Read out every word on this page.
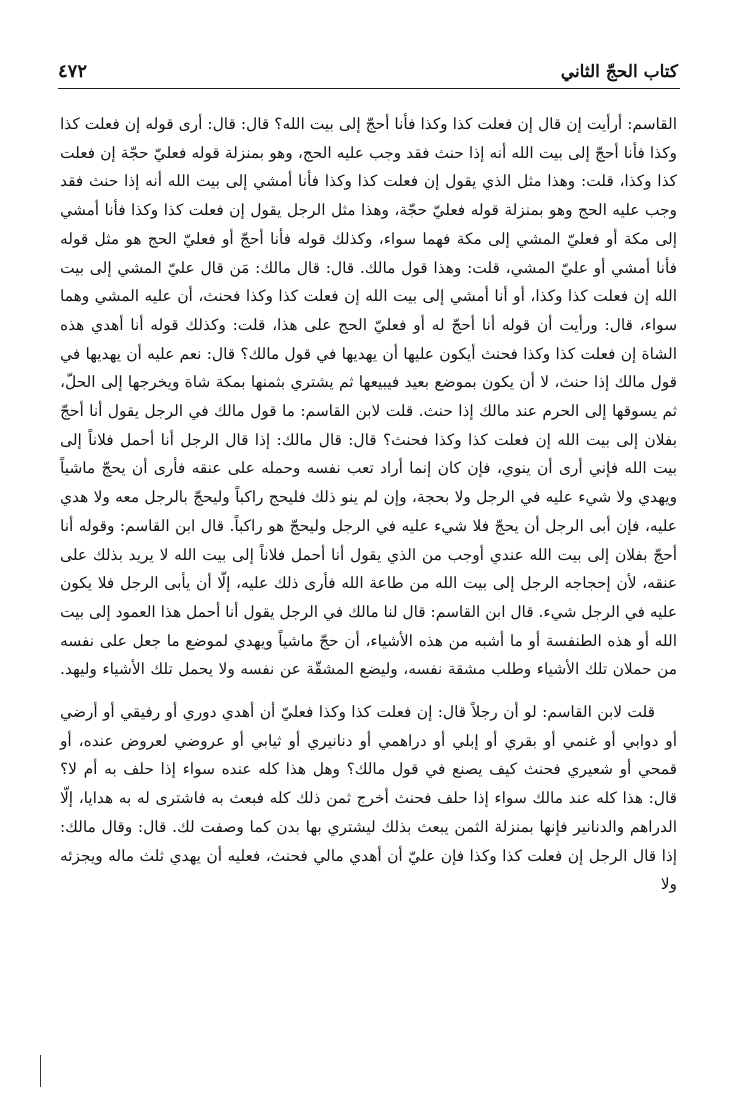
كتاب الحجّ الثاني
٤٧٢

القاسم: أرأيت إن قال إن فعلت كذا وكذا فأنا أحجّ إلى بيت الله؟ قال: قال: أرى قوله إن فعلت كذا وكذا فأنا أحجّ إلى بيت الله أنه إذا حنث فقد وجب عليه الحج، وهو بمنزلة قوله فعليّ حجّة إن فعلت كذا وكذا، قلت: وهذا مثل الذي يقول إن فعلت كذا وكذا فأنا أمشي إلى بيت الله أنه إذا حنث فقد وجب عليه الحج وهو بمنزلة قوله فعليّ حجّة، وهذا مثل الرجل يقول إن فعلت كذا وكذا فأنا أمشي إلى مكة أو فعليّ المشي إلى مكة فهما سواء، وكذلك قوله فأنا أحجّ أو فعليّ الحج هو مثل قوله فأنا أمشي أو عليّ المشي، قلت: وهذا قول مالك. قال: قال مالك: مَن قال عليّ المشي إلى بيت الله إن فعلت كذا وكذا، أو أنا أمشي إلى بيت الله إن فعلت كذا وكذا فحنث، أن عليه المشي وهما سواء، قال: ورأيت أن قوله أنا أحجّ له أو فعليّ الحج على هذا، قلت: وكذلك قوله أنا أهدي هذه الشاة إن فعلت كذا وكذا فحنث أيكون عليها أن يهديها في قول مالك؟ قال: نعم عليه أن يهديها في قول مالك إذا حنث، لا أن يكون بموضع بعيد فيبيعها ثم يشتري بثمنها بمكة شاة ويخرجها إلى الحلّ، ثم يسوقها إلى الحرم عند مالك إذا حنث. قلت لابن القاسم: ما قول مالك في الرجل يقول أنا أحجّ بفلان إلى بيت الله إن فعلت كذا وكذا فحنث؟ قال: قال مالك: إذا قال الرجل أنا أحمل فلاناً إلى بيت الله فإني أرى أن ينوي، فإن كان إنما أراد تعب نفسه وحمله على عنقه فأرى أن يحجّ ماشياً ويهدي ولا شيء عليه في الرجل ولا بحجة، وإن لم ينو ذلك فليحج راكباً وليحجّ بالرجل معه ولا هدي عليه، فإن أبى الرجل أن يحجّ فلا شيء عليه في الرجل وليحجّ هو راكباً. قال ابن القاسم: وقوله أنا أحجّ بفلان إلى بيت الله عندي أوجب من الذي يقول أنا أحمل فلاناً إلى بيت الله لا يريد بذلك على عنقه، لأن إحجاجه الرجل إلى بيت الله من طاعة الله فأرى ذلك عليه، إلّا أن يأبى الرجل فلا يكون عليه في الرجل شيء. قال ابن القاسم: قال لنا مالك في الرجل يقول أنا أحمل هذا العمود إلى بيت الله أو هذه الطنفسة أو ما أشبه من هذه الأشياء، أن حجّ ماشياً ويهدي لموضع ما جعل على نفسه من حملان تلك الأشياء وطلب مشقة نفسه، وليضع المشقّة عن نفسه ولا يحمل تلك الأشياء وليهد.

قلت لابن القاسم: لو أن رجلاً قال: إن فعلت كذا وكذا فعليّ أن أهدي دوري أو رفيقي أو أرضي أو دوابي أو غنمي أو بقري أو إبلي أو دراهمي أو دنانيري أو ثيابي أو عروضي لعروض عنده، أو قمحي أو شعيري فحنث كيف يصنع في قول مالك؟ وهل هذا كله عنده سواء إذا حلف به أم لا؟ قال: هذا كله عند مالك سواء إذا حلف فحنث أخرج ثمن ذلك كله فبعث به فاشترى له به هدايا، إلّا الدراهم والدنانير فإنها بمنزلة الثمن يبعث بذلك ليشتري بها بدن كما وصفت لك. قال: وقال مالك: إذا قال الرجل إن فعلت كذا وكذا فإن عليّ أن أهدي مالي فحنث، فعليه أن يهدي ثلث ماله ويجزئه ولا
